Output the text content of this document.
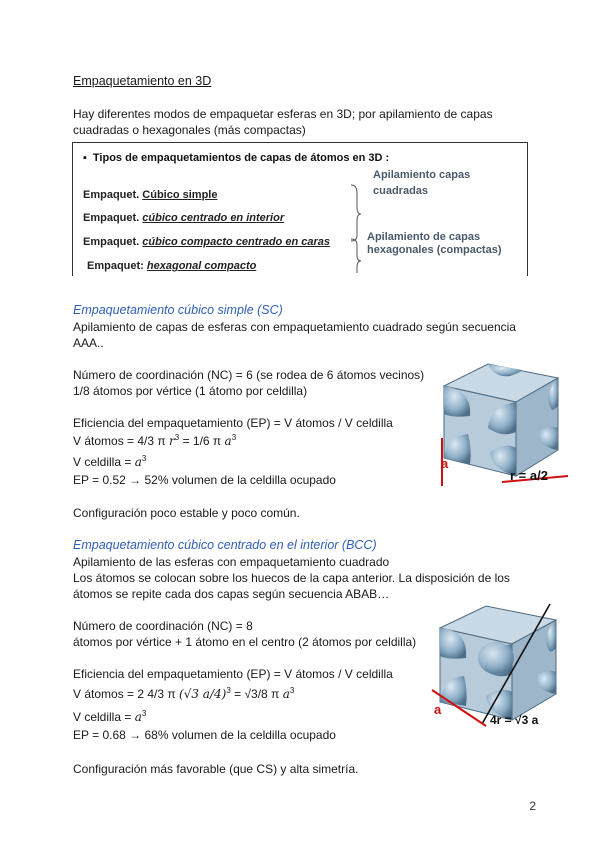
Empaquetamiento en 3D
Hay diferentes modos de empaquetar esferas en 3D; por apilamiento de capas cuadradas o hexagonales (más compactas)
▪ Tipos de empaquetamientos de capas de átomos en 3D :
Apilamiento capas cuadradas
Empaquet. Cúbico simple
Empaquet. cúbico centrado en interior
Empaquet. cúbico compacto centrado en caras
Empaquet: hexagonal compacto
Apilamiento de capas hexagonales (compactas)
Empaquetamiento cúbico simple (SC)
Apilamiento de capas de esferas con empaquetamiento cuadrado según secuencia AAA..
Número de coordinación (NC) = 6 (se rodea de 6 átomos vecinos)
1/8 átomos por vértice (1 átomo por celdilla)
Eficiencia del empaquetamiento (EP) = V átomos / V celdilla
V átomos = 4/3 π $r^3 = 1/6$ π $a^3$
V celdilla = $a^3$
EP = 0.52 → 52% volumen de la celdilla ocupado
Configuración poco estable y poco común.
a
r = a/2
Empaquetamiento cúbico centrado en el interior (BCC)
Apilamiento de las esferas con empaquetamiento cuadrado
Los átomos se colocan sobre los huecos de la capa anterior. La disposición de los átomos se repite cada dos capas según secuencia ABAB…
Número de coordinación (NC) = 8
átomos por vértice + 1 átomo en el centro (2 átomos por celdilla)
Eficiencia del empaquetamiento (EP) = V átomos / V celdilla
V átomos = 2 4/3 π (√3 a/4)$^3$ = √3/8 π $a^3$
V celdilla = $a^3$
EP = 0.68 → 68% volumen de la celdilla ocupado
Configuración más favorable (que CS) y alta simetría.
a
4r = √3 a
2
